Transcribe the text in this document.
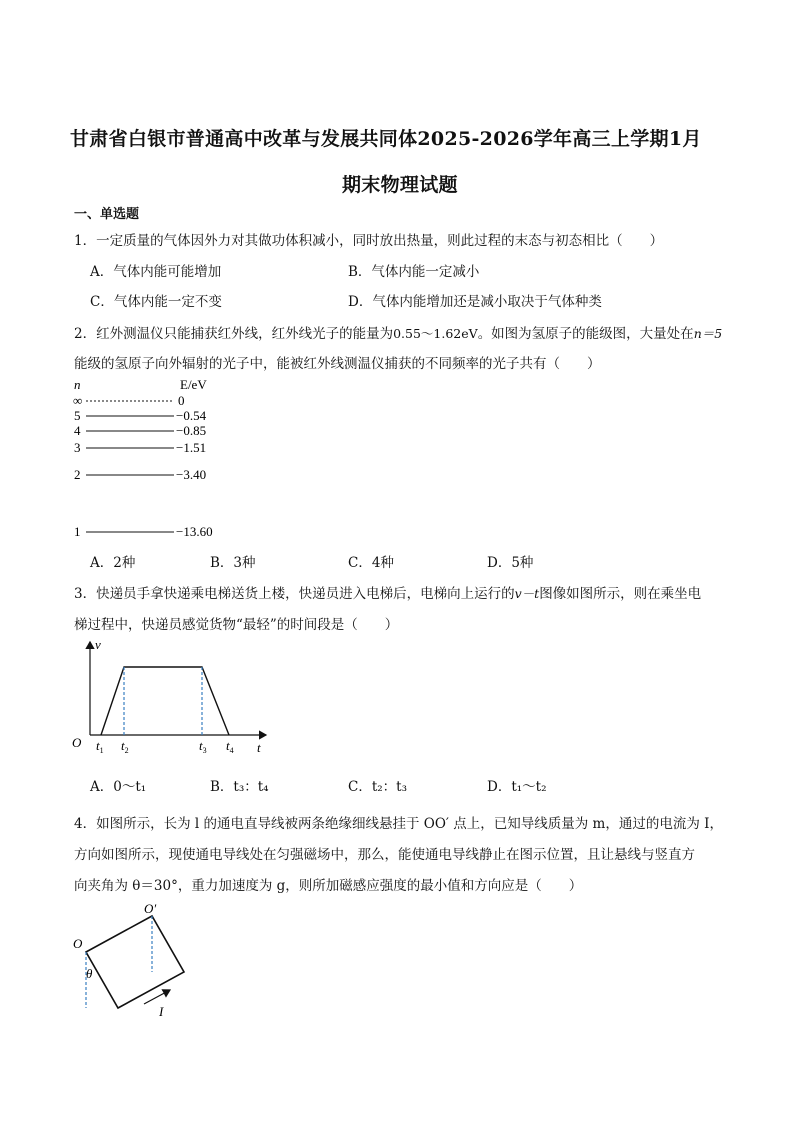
甘肃省白银市普通高中改革与发展共同体2025-2026学年高三上学期1月
期末物理试题
一、单选题
1．一定质量的气体因外力对其做功体积减小，同时放出热量，则此过程的末态与初态相比（　　）
A．气体内能可能增加	B．气体内能一定减小
C．气体内能一定不变	D．气体内能增加还是减小取决于气体种类
2．红外测温仪只能捕获红外线，红外线光子的能量为0.55～1.62eV。如图为氢原子的能级图，大量处在n＝5
能级的氢原子向外辐射的光子中，能被红外线测温仪捕获的不同频率的光子共有（　　）
n	E/eV
∞	0
5	−0.54
4	−0.85
3	−1.51
2	−3.40
1	−13.60
A．2种	B．3种	C．4种	D．5种
3．快递员手拿快递乘电梯送货上楼，快递员进入电梯后，电梯向上运行的v－t图像如图所示，则在乘坐电
梯过程中，快递员感觉货物“最轻”的时间段是（　　）
v
t
O $t_1$ $t_2$	$t_3$ $t_4$
A．0～t₁	B．t₃：t₄	C．t₂：t₃	D．t₁～t₂
4．如图所示，长为 l 的通电直导线被两条绝缘细线悬挂于 OO′ 点上，已知导线质量为 m，通过的电流为 I，
方向如图所示，现使通电导线处在匀强磁场中，那么，能使通电导线静止在图示位置，且让悬线与竖直方
向夹角为 θ＝30°，重力加速度为 g，则所加磁感应强度的最小值和方向应是（　　）
O
O′
θ
I
